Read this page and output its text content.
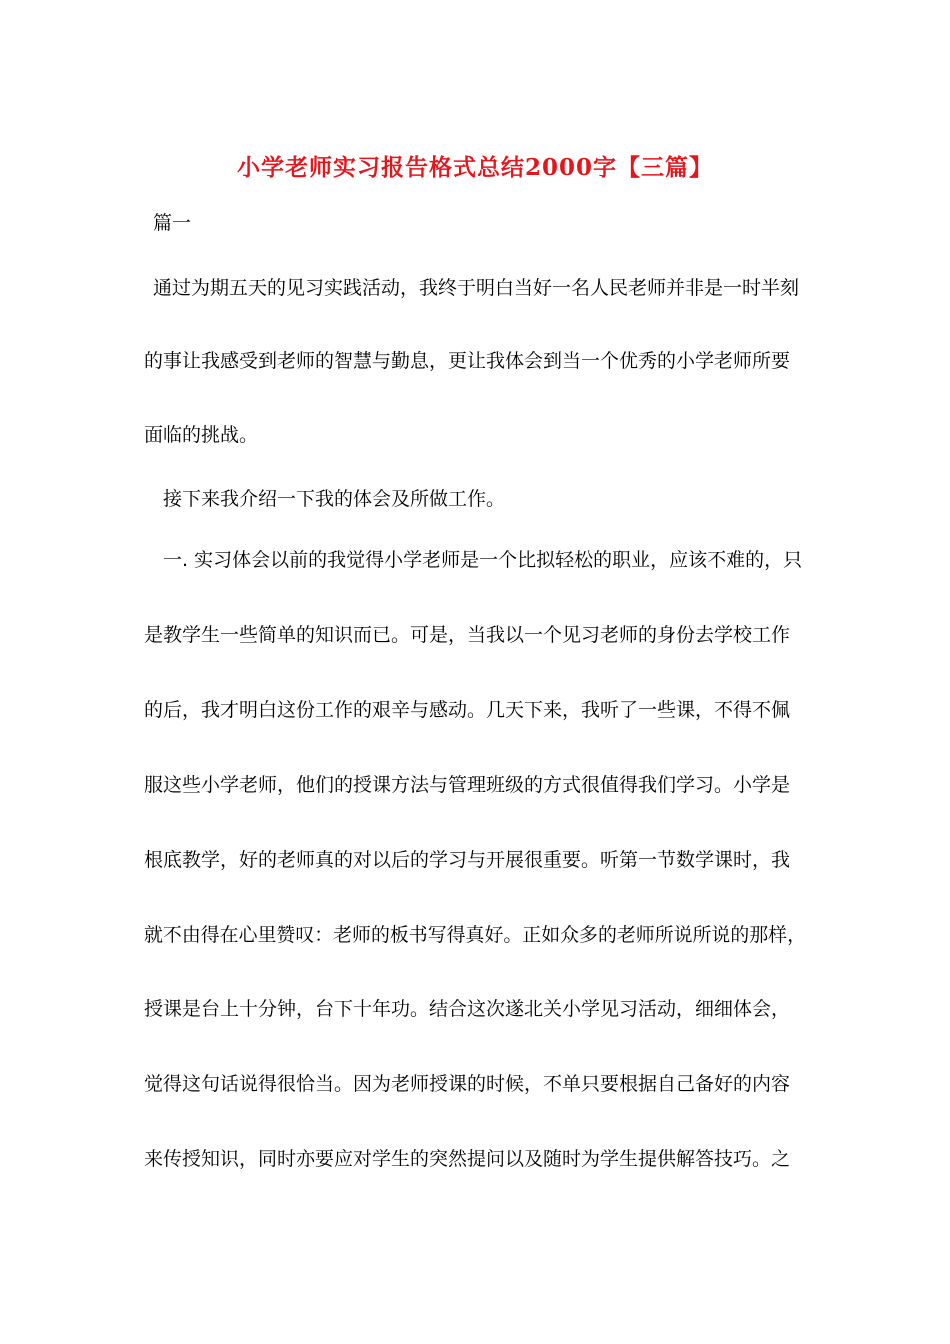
小学老师实习报告格式总结2000字【三篇】
篇一
通过为期五天的见习实践活动，我终于明白当好一名人民老师并非是一时半刻
的事让我感受到老师的智慧与勤息，更让我体会到当一个优秀的小学老师所要
面临的挑战。
接下来我介绍一下我的体会及所做工作。
一. 实习体会以前的我觉得小学老师是一个比拟轻松的职业，应该不难的，只
是教学生一些简单的知识而已。可是，当我以一个见习老师的身份去学校工作
的后，我才明白这份工作的艰辛与感动。几天下来，我听了一些课，不得不佩
服这些小学老师，他们的授课方法与管理班级的方式很值得我们学习。小学是
根底教学，好的老师真的对以后的学习与开展很重要。听第一节数学课时，我
就不由得在心里赞叹：老师的板书写得真好。正如众多的老师所说所说的那样，
授课是台上十分钟，台下十年功。结合这次遂北关小学见习活动，细细体会，
觉得这句话说得很恰当。因为老师授课的时候，不单只要根据自己备好的内容
来传授知识，同时亦要应对学生的突然提问以及随时为学生提供解答技巧。之
